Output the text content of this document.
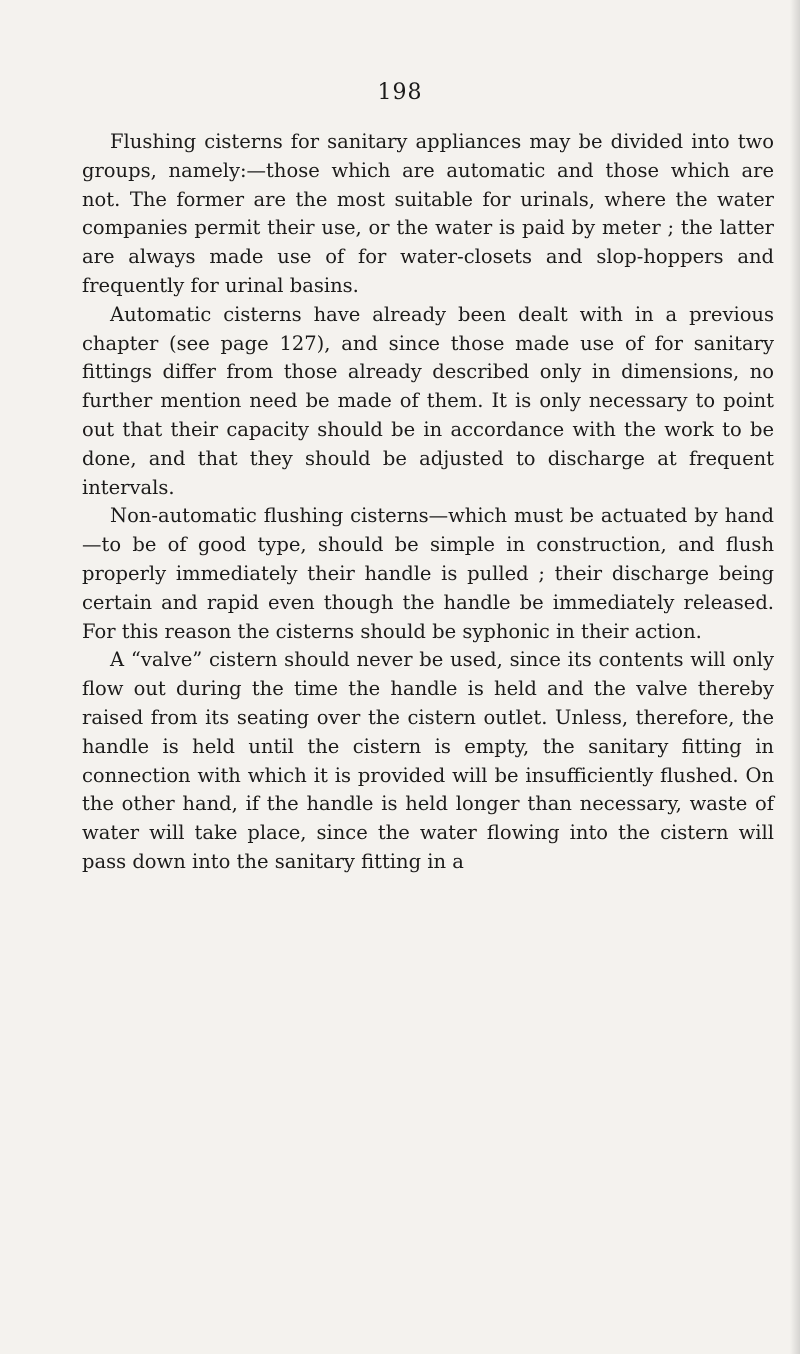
198

Flushing cisterns for sanitary appliances may be divided into two groups, namely:—those which are automatic and those which are not. The former are the most suitable for urinals, where the water companies permit their use, or the water is paid by meter ; the latter are always made use of for water-closets and slop-hoppers and frequently for urinal basins.

Automatic cisterns have already been dealt with in a previous chapter (see page 127), and since those made use of for sanitary fittings differ from those already described only in dimensions, no further mention need be made of them. It is only necessary to point out that their capacity should be in accordance with the work to be done, and that they should be adjusted to discharge at frequent intervals.

Non-automatic flushing cisterns—which must be actuated by hand—to be of good type, should be simple in construction, and flush properly immediately their handle is pulled ; their discharge being certain and rapid even though the handle be immediately released. For this reason the cisterns should be syphonic in their action.

A “valve” cistern should never be used, since its contents will only flow out during the time the handle is held and the valve thereby raised from its seating over the cistern outlet. Unless, therefore, the handle is held until the cistern is empty, the sanitary fitting in connection with which it is provided will be insufficiently flushed. On the other hand, if the handle is held longer than necessary, waste of water will take place, since the water flowing into the cistern will pass down into the sanitary fitting in a
